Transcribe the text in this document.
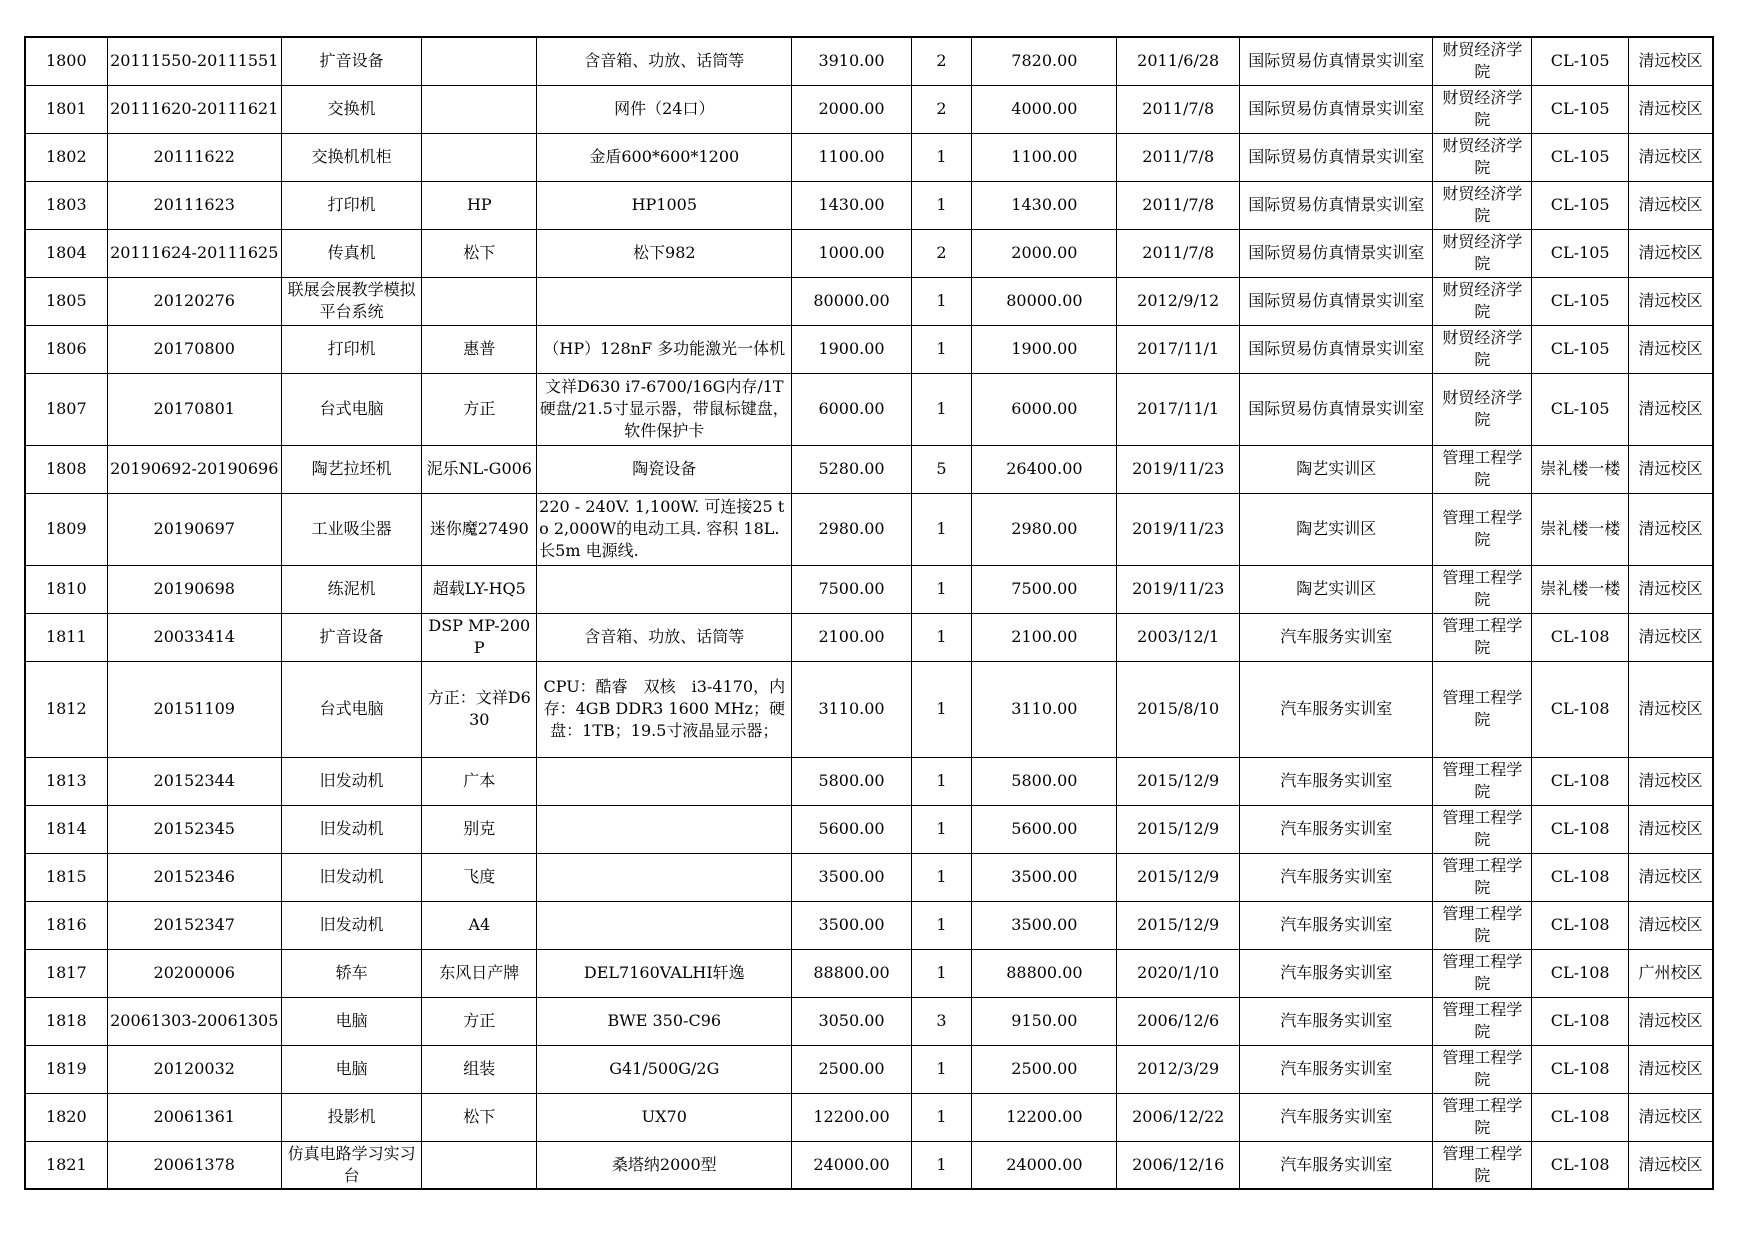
1800	20111550-20111551	扩音设备		含音箱、功放、话筒等	3910.00	2	7820.00	2011/6/28	国际贸易仿真情景实训室	财贸经济学院	CL-105	清远校区
1801	20111620-20111621	交换机		网件（24口）	2000.00	2	4000.00	2011/7/8	国际贸易仿真情景实训室	财贸经济学院	CL-105	清远校区
1802	20111622	交换机机柜		金盾600*600*1200	1100.00	1	1100.00	2011/7/8	国际贸易仿真情景实训室	财贸经济学院	CL-105	清远校区
1803	20111623	打印机	HP	HP1005	1430.00	1	1430.00	2011/7/8	国际贸易仿真情景实训室	财贸经济学院	CL-105	清远校区
1804	20111624-20111625	传真机	松下	松下982	1000.00	2	2000.00	2011/7/8	国际贸易仿真情景实训室	财贸经济学院	CL-105	清远校区
1805	20120276	联展会展教学模拟平台系统			80000.00	1	80000.00	2012/9/12	国际贸易仿真情景实训室	财贸经济学院	CL-105	清远校区
1806	20170800	打印机	惠普	（HP）128nF 多功能激光一体机	1900.00	1	1900.00	2017/11/1	国际贸易仿真情景实训室	财贸经济学院	CL-105	清远校区
1807	20170801	台式电脑	方正	文祥D630 i7-6700/16G内存/1T硬盘/21.5寸显示器，带鼠标键盘，软件保护卡	6000.00	1	6000.00	2017/11/1	国际贸易仿真情景实训室	财贸经济学院	CL-105	清远校区
1808	20190692-20190696	陶艺拉坯机	泥乐NL-G006	陶瓷设备	5280.00	5	26400.00	2019/11/23	陶艺实训区	管理工程学院	崇礼楼一楼	清远校区
1809	20190697	工业吸尘器	迷你魔27490	220 - 240V. 1,100W. 可连接25 to 2,000W的电动工具. 容积 18L. 长5m 电源线.	2980.00	1	2980.00	2019/11/23	陶艺实训区	管理工程学院	崇礼楼一楼	清远校区
1810	20190698	练泥机	超载LY-HQ5		7500.00	1	7500.00	2019/11/23	陶艺实训区	管理工程学院	崇礼楼一楼	清远校区
1811	20033414	扩音设备	DSP MP-200P	含音箱、功放、话筒等	2100.00	1	2100.00	2003/12/1	汽车服务实训室	管理工程学院	CL-108	清远校区
1812	20151109	台式电脑	方正：文祥D630	CPU：酷睿　双核　i3-4170，内存：4GB DDR3 1600 MHz；硬盘：1TB；19.5寸液晶显示器；	3110.00	1	3110.00	2015/8/10	汽车服务实训室	管理工程学院	CL-108	清远校区
1813	20152344	旧发动机	广本		5800.00	1	5800.00	2015/12/9	汽车服务实训室	管理工程学院	CL-108	清远校区
1814	20152345	旧发动机	别克		5600.00	1	5600.00	2015/12/9	汽车服务实训室	管理工程学院	CL-108	清远校区
1815	20152346	旧发动机	飞度		3500.00	1	3500.00	2015/12/9	汽车服务实训室	管理工程学院	CL-108	清远校区
1816	20152347	旧发动机	A4		3500.00	1	3500.00	2015/12/9	汽车服务实训室	管理工程学院	CL-108	清远校区
1817	20200006	轿车	东风日产牌	DEL7160VALHI轩逸	88800.00	1	88800.00	2020/1/10	汽车服务实训室	管理工程学院	CL-108	广州校区
1818	20061303-20061305	电脑	方正	BWE 350-C96	3050.00	3	9150.00	2006/12/6	汽车服务实训室	管理工程学院	CL-108	清远校区
1819	20120032	电脑	组装	G41/500G/2G	2500.00	1	2500.00	2012/3/29	汽车服务实训室	管理工程学院	CL-108	清远校区
1820	20061361	投影机	松下	UX70	12200.00	1	12200.00	2006/12/22	汽车服务实训室	管理工程学院	CL-108	清远校区
1821	20061378	仿真电路学习实习台		桑塔纳2000型	24000.00	1	24000.00	2006/12/16	汽车服务实训室	管理工程学院	CL-108	清远校区
